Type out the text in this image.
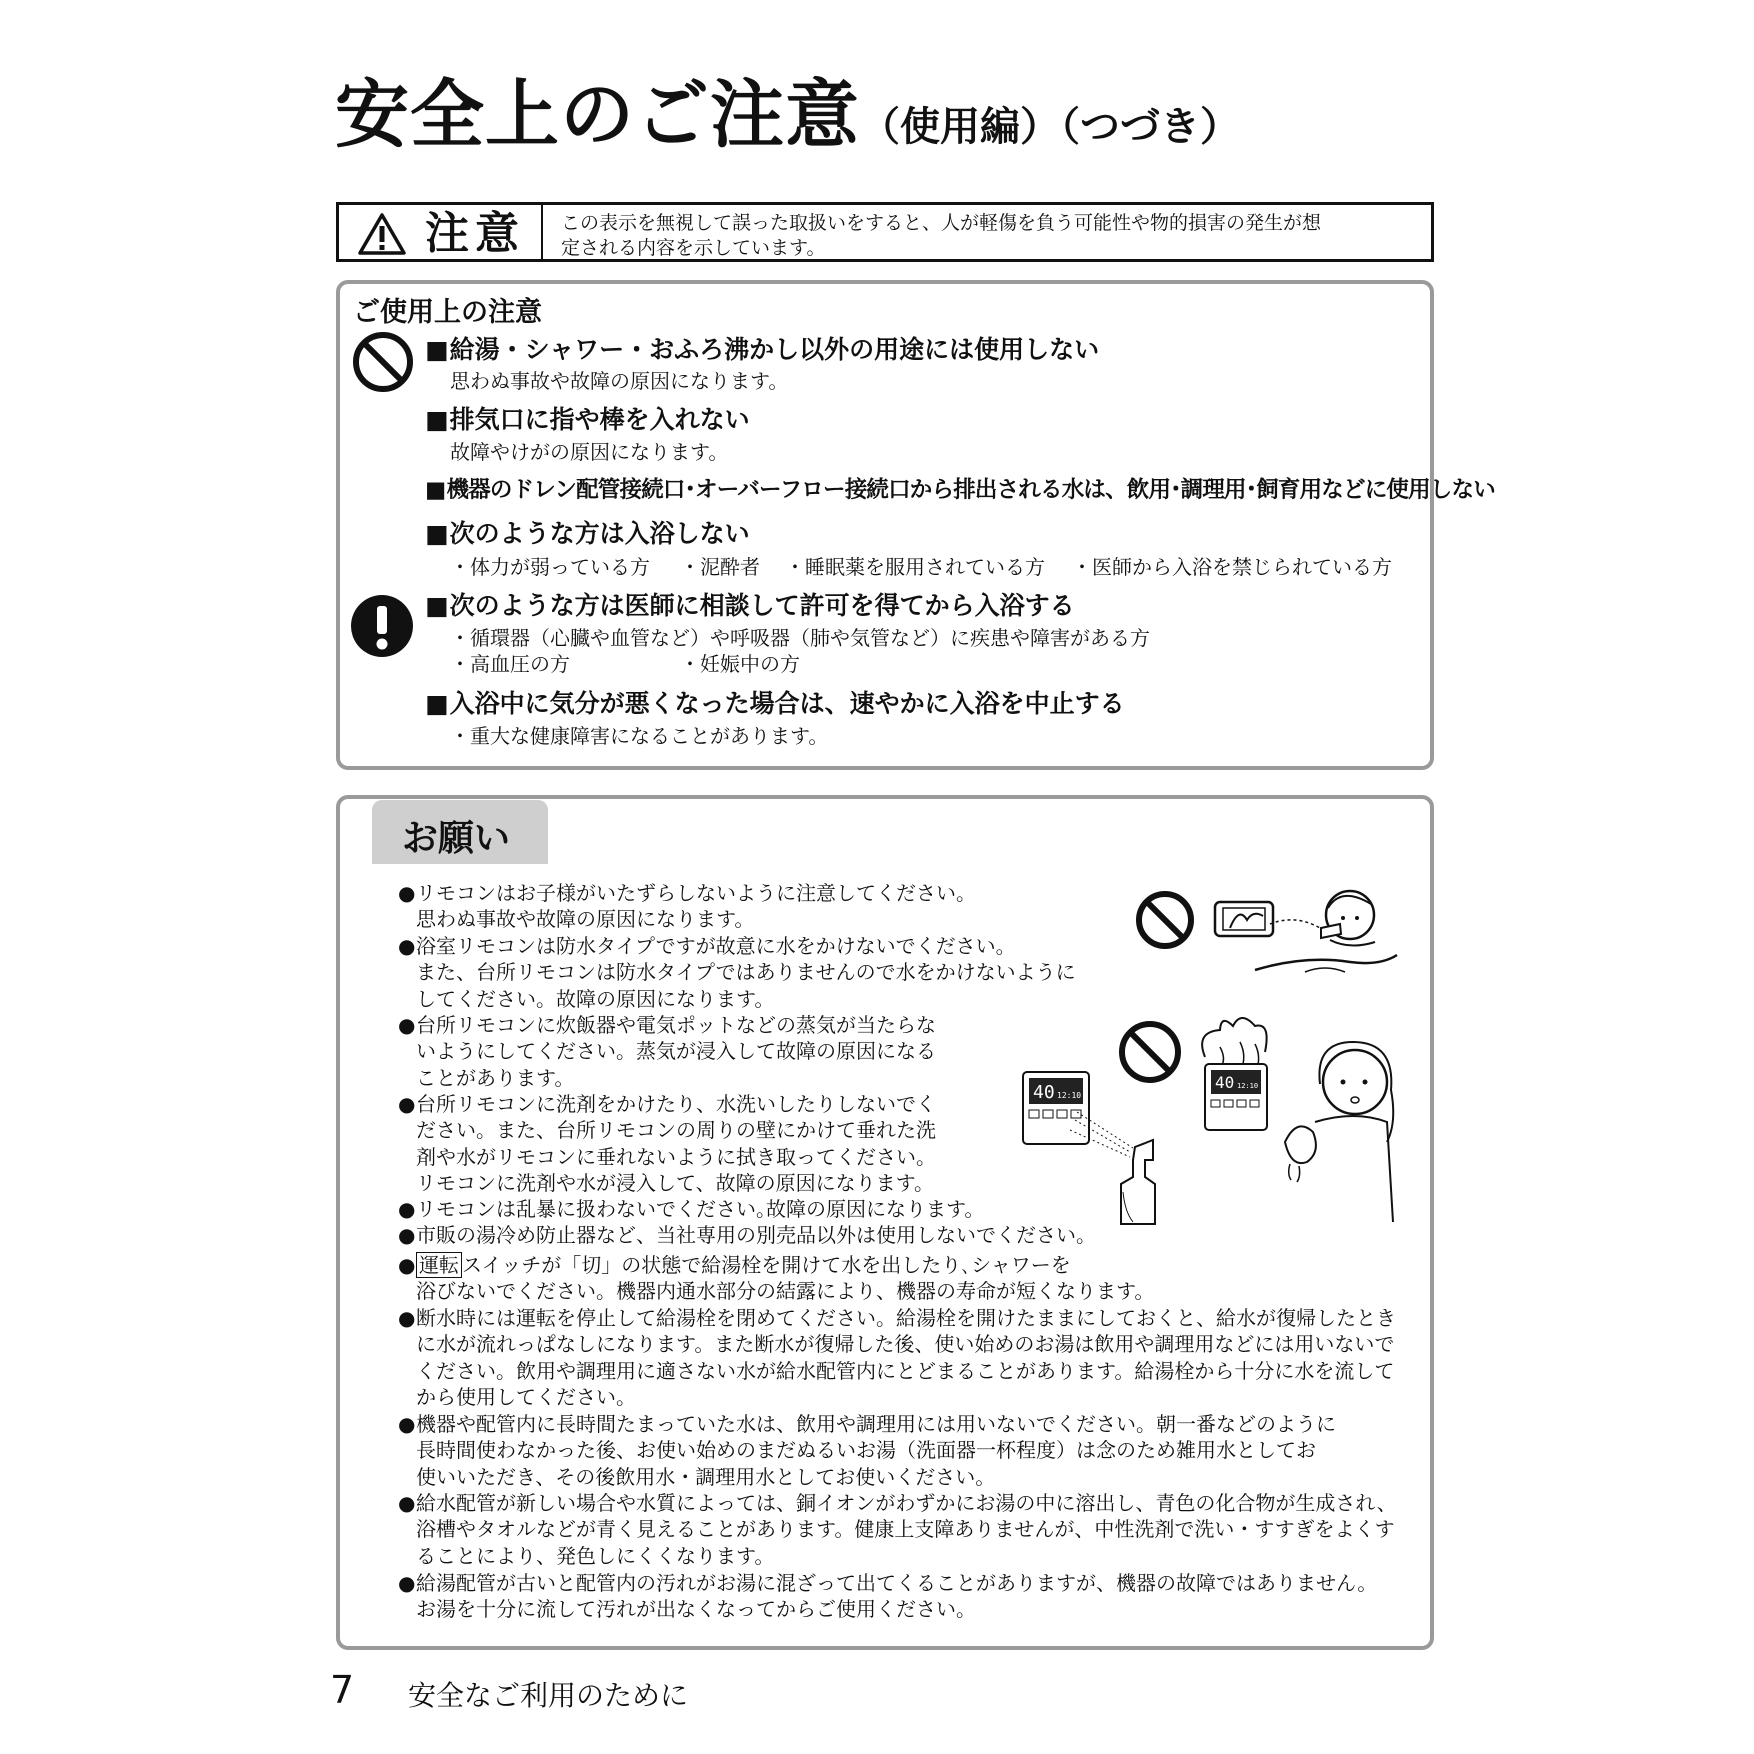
安全上のご注意（使用編）（つづき）
注意 この表示を無視して誤った取扱いをすると、人が軽傷を負う可能性や物的損害の発生が想
定される内容を示しています。
ご使用上の注意
■ 給湯・シャワー・おふろ沸かし以外の用途には使用しない
思わぬ事故や故障の原因になります。
■ 排気口に指や棒を入れない
故障やけがの原因になります。
■ 機器のドレン配管接続口･オーバーフロー接続口から排出される水は、飲用･調理用･飼育用などに使用しない
■ 次のような方は入浴しない
・体力が弱っている方 ・泥酔者 ・睡眠薬を服用されている方 ・医師から入浴を禁じられている方
■ 次のような方は医師に相談して許可を得てから入浴する
・循環器（心臓や血管など）や呼吸器（肺や気管など）に疾患や障害がある方
・高血圧の方	・妊娠中の方
■ 入浴中に気分が悪くなった場合は、速やかに入浴を中止する
・重大な健康障害になることがあります。
お願い
●リモコンはお子様がいたずらしないように注意してください。
思わぬ事故や故障の原因になります。
●浴室リモコンは防水タイプですが故意に水をかけないでください。
また、台所リモコンは防水タイプではありませんので水をかけないように
してください。故障の原因になります。
●台所リモコンに炊飯器や電気ポットなどの蒸気が当たらな
いようにしてください。蒸気が浸入して故障の原因になる
ことがあります。
●台所リモコンに洗剤をかけたり、水洗いしたりしないでく
ださい。また、台所リモコンの周りの壁にかけて垂れた洗
剤や水がリモコンに垂れないように拭き取ってください。
リモコンに洗剤や水が浸入して、故障の原因になります。
●リモコンは乱暴に扱わないでください｡故障の原因になります。
●市販の湯冷め防止器など、当社専用の別売品以外は使用しないでください。
● 運転 スイッチが「切」の状態で給湯栓を開けて水を出したり､シャワーを
浴びないでください。機器内通水部分の結露により、機器の寿命が短くなります。
●断水時には運転を停止して給湯栓を閉めてください。給湯栓を開けたままにしておくと、給水が復帰したとき
に水が流れっぱなしになります。また断水が復帰した後、使い始めのお湯は飲用や調理用などには用いないで
ください。飲用や調理用に適さない水が給水配管内にとどまることがあります。給湯栓から十分に水を流して
から使用してください。
●機器や配管内に長時間たまっていた水は、飲用や調理用には用いないでください。朝一番などのように
長時間使わなかった後、お使い始めのまだぬるいお湯（洗面器一杯程度）は念のため雑用水としてお
使いいただき、その後飲用水・調理用水としてお使いください。
●給水配管が新しい場合や水質によっては、銅イオンがわずかにお湯の中に溶出し、青色の化合物が生成され、
浴槽やタオルなどが青く見えることがあります。健康上支障ありませんが、中性洗剤で洗い・すすぎをよくす
ることにより、発色しにくくなります。
●給湯配管が古いと配管内の汚れがお湯に混ざって出てくることがありますが、機器の故障ではありません。
お湯を十分に流して汚れが出なくなってからご使用ください。
40 12:10
40 12:10
7 安全なご利用のために
